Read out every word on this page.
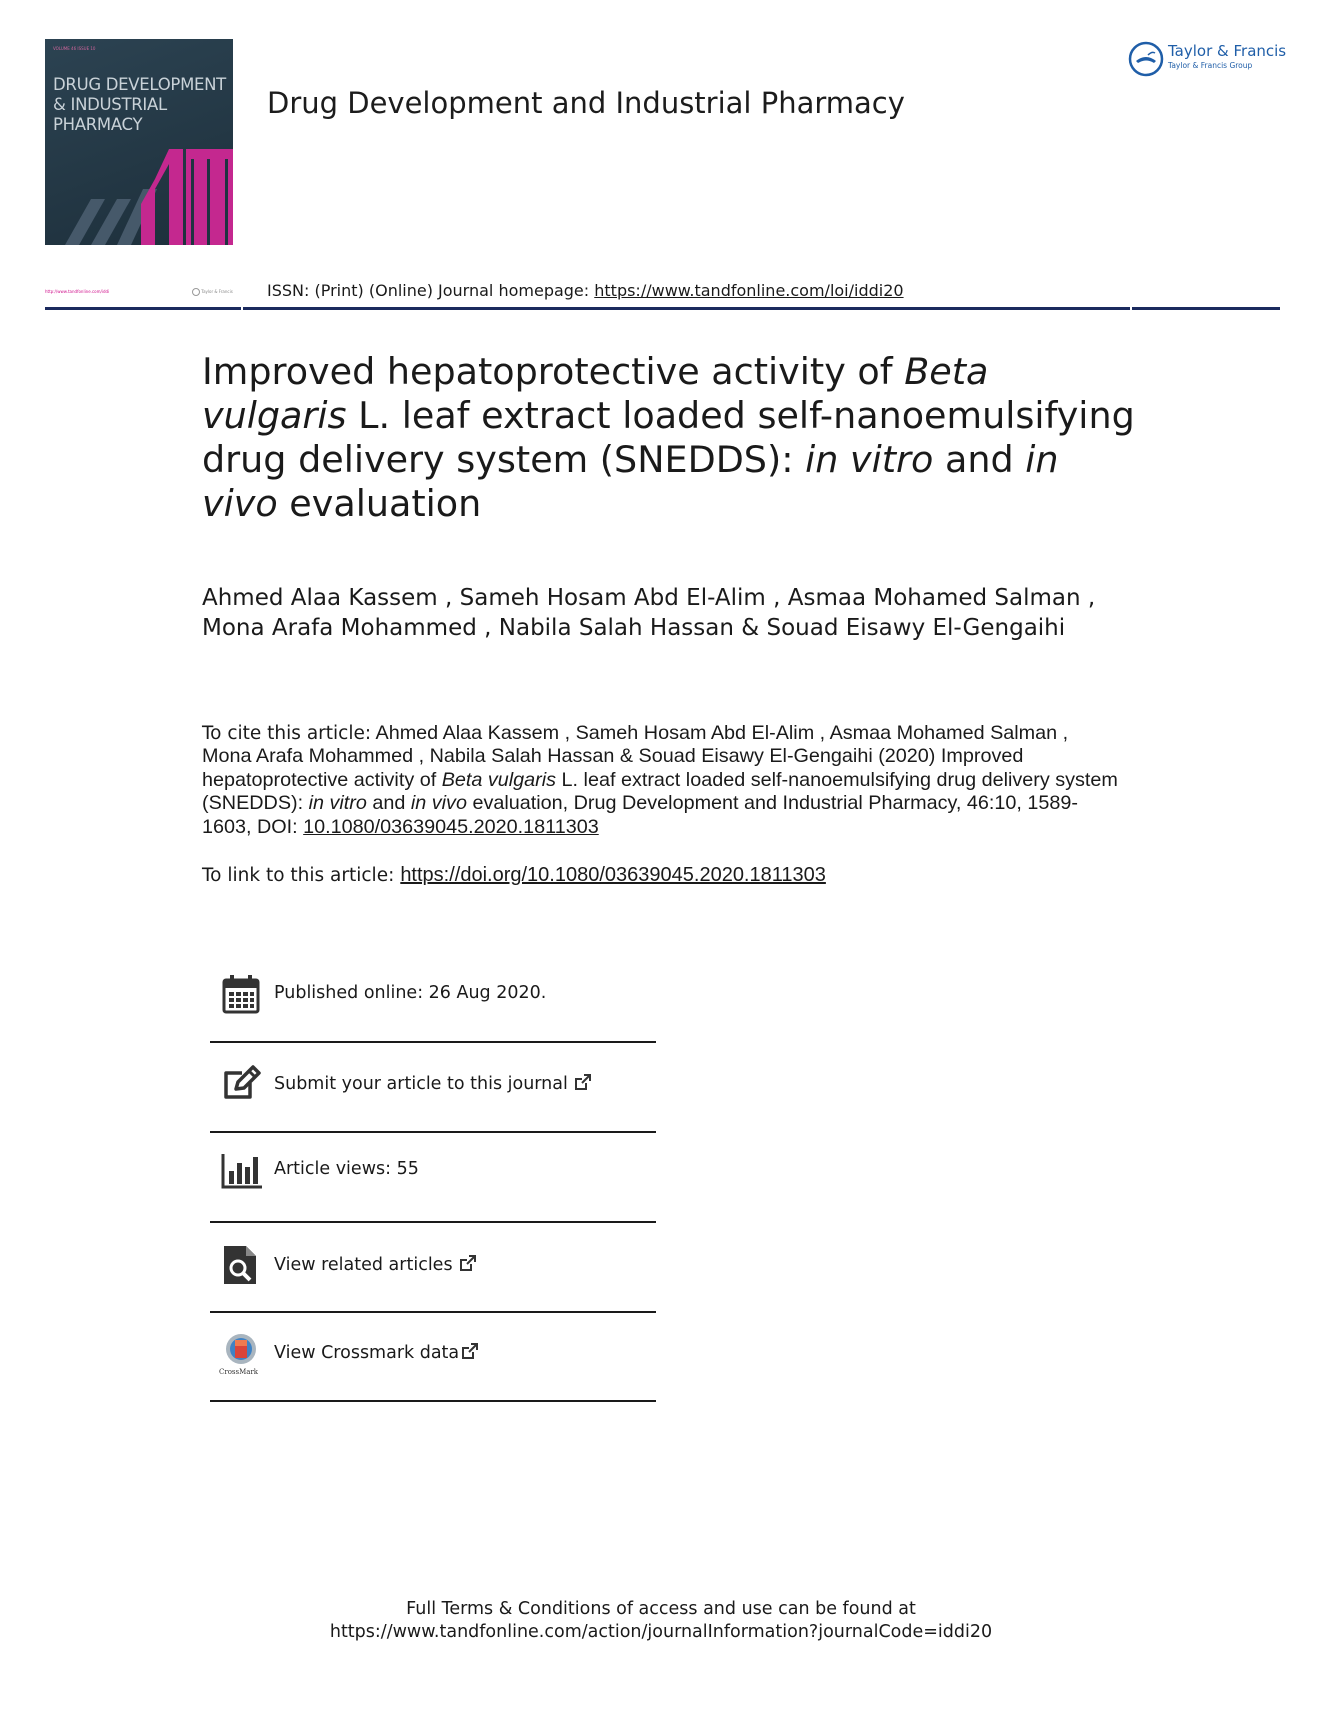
VOLUME 46 ISSUE 10
DRUG DEVELOPMENT
& INDUSTRIAL
PHARMACY
Drug Development and Industrial Pharmacy
Taylor & Francis
Taylor & Francis Group
http://www.tandfonline.com/iddi	Taylor & Francis ISSN: (Print) (Online) Journal homepage: https://www.tandfonline.com/loi/iddi20
Improved hepatoprotective activity of Beta vulgaris L. leaf extract loaded self-nanoemulsifying drug delivery system (SNEDDS): in vitro and in vivo evaluation
Ahmed Alaa Kassem , Sameh Hosam Abd El-Alim , Asmaa Mohamed Salman , Mona Arafa Mohammed , Nabila Salah Hassan & Souad Eisawy El-Gengaihi
To cite this article: Ahmed Alaa Kassem , Sameh Hosam Abd El-Alim , Asmaa Mohamed Salman , Mona Arafa Mohammed , Nabila Salah Hassan & Souad Eisawy El-Gengaihi (2020) Improved hepatoprotective activity of Beta vulgaris L. leaf extract loaded self-nanoemulsifying drug delivery system (SNEDDS): in vitro and in vivo evaluation, Drug Development and Industrial Pharmacy, 46:10, 1589-1603, DOI: 10.1080/03639045.2020.1811303
To link to this article: https://doi.org/10.1080/03639045.2020.1811303
Published online: 26 Aug 2020.
Submit your article to this journal
Article views: 55
View related articles
CrossMark
View Crossmark data
Full Terms & Conditions of access and use can be found at
https://www.tandfonline.com/action/journalInformation?journalCode=iddi20
